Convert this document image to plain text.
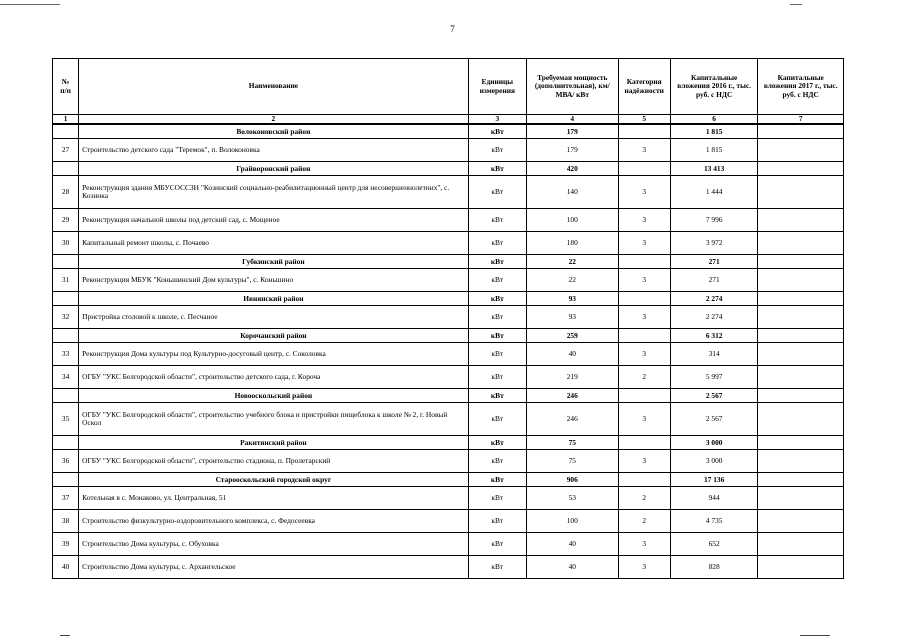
7
№
п/п	Наименование	Единицы измерения	Требуемая мощность (дополнительная), км/ МВА/ кВт	Категория надёжности	Капитальные вложения 2016 г., тыс. руб. с НДС	Капитальные вложения 2017 г., тыс. руб. с НДС
1	2	3	4	5	6	7
	Волоконовский район	кВт	179		1 815	
27	Строительство детского сада "Теремок", п. Волоконовка	кВт	179	3	1 815	
	Грайворонский район	кВт	420		13 413	
28	Реконструкция здания МБУСОССЗН "Козинский социально-реабилитационный центр для несовершеннолетних", с. Козинка	кВт	140	3	1 444	
29	Реконструкция начальной школы под детский сад, с. Мощеное	кВт	100	3	7 996	
30	Капитальный ремонт школы, с. Почаево	кВт	180	3	3 972	
	Губкинский район	кВт	22		271	
31	Реконструкция МБУК "Коньшинский Дом культуры", с. Коньшино	кВт	22	3	271	
	Ивнянский район	кВт	93		2 274	
32	Пристройка столовой к школе, с. Песчаное	кВт	93	3	2 274	
	Корочанский район	кВт	259		6 312	
33	Реконструкция Дома культуры под Культурно-досуговый центр, с. Соколовка	кВт	40	3	314	
34	ОГБУ "УКС Белгородской области", строительство детского сада, г. Короча	кВт	219	2	5 997	
	Новооскольский район	кВт	246		2 567	
35	ОГБУ "УКС Белгородской области", строительство учебного блока и пристройки пищеблока к школе № 2, г. Новый Оскол	кВт	246	3	2 567	
	Ракитянский район	кВт	75		3 000	
36	ОГБУ "УКС Белгородской области", строительство стадиона, п. Пролетарский	кВт	75	3	3 000	
	Старооскольский городской округ	кВт	906		17 136	
37	Котельная в с. Монаково, ул. Центральная, 51	кВт	53	2	944	
38	Строительство физкультурно-оздоровительного комплекса, с. Федосеевка	кВт	100	2	4 735	
39	Строительство Дома культуры, с. Обуховка	кВт	40	3	652	
40	Строительство Дома культуры, с. Архангельское	кВт	40	3	828	
